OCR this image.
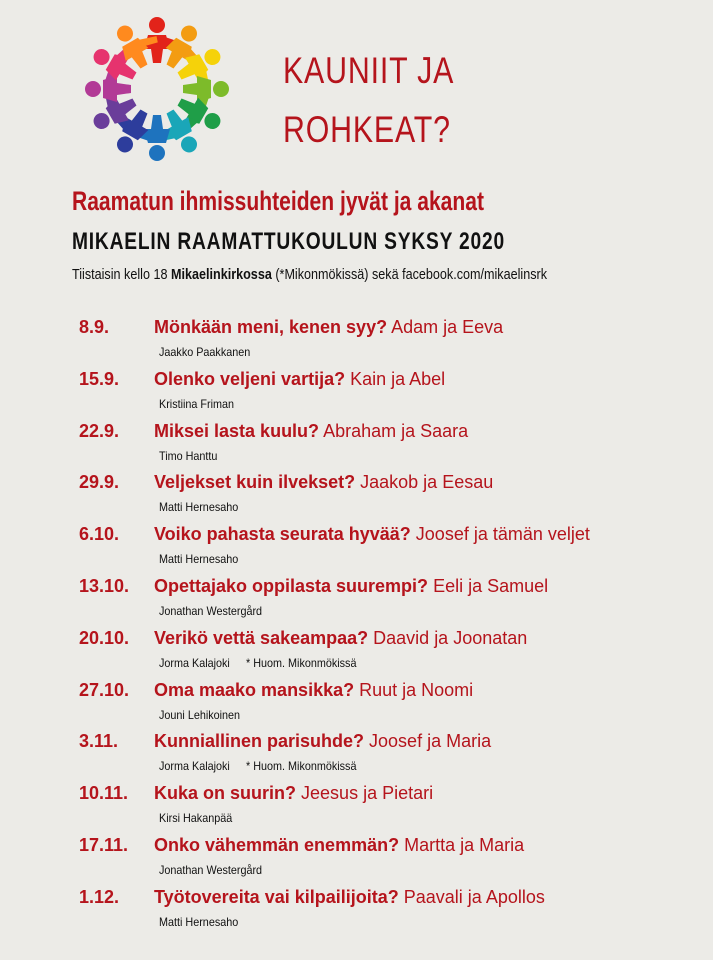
KAUNIIT JA
ROHKEAT?
Raamatun ihmissuhteiden jyvät ja akanat
MIKAELIN RAAMATTUKOULUN SYKSY 2020
Tiistaisin kello 18 Mikaelinkirkossa (*Mikonmökissä) sekä facebook.com/mikaelinsrk
8.9. Mönkään meni, kenen syy? Adam ja Eeva
Jaakko Paakkanen
15.9. Olenko veljeni vartija? Kain ja Abel
Kristiina Friman
22.9. Miksei lasta kuulu? Abraham ja Saara
Timo Hanttu
29.9. Veljekset kuin ilvekset? Jaakob ja Eesau
Matti Hernesaho
6.10. Voiko pahasta seurata hyvää? Joosef ja tämän veljet
Matti Hernesaho
13.10. Opettajako oppilasta suurempi? Eeli ja Samuel
Jonathan Westergård
20.10. Verikö vettä sakeampaa? Daavid ja Joonatan
Jorma Kalajoki * Huom. Mikonmökissä
27.10. Oma maako mansikka? Ruut ja Noomi
Jouni Lehikoinen
3.11. Kunniallinen parisuhde? Joosef ja Maria
Jorma Kalajoki * Huom. Mikonmökissä
10.11. Kuka on suurin? Jeesus ja Pietari
Kirsi Hakanpää
17.11. Onko vähemmän enemmän? Martta ja Maria
Jonathan Westergård
1.12. Työtovereita vai kilpailijoita? Paavali ja Apollos
Matti Hernesaho
